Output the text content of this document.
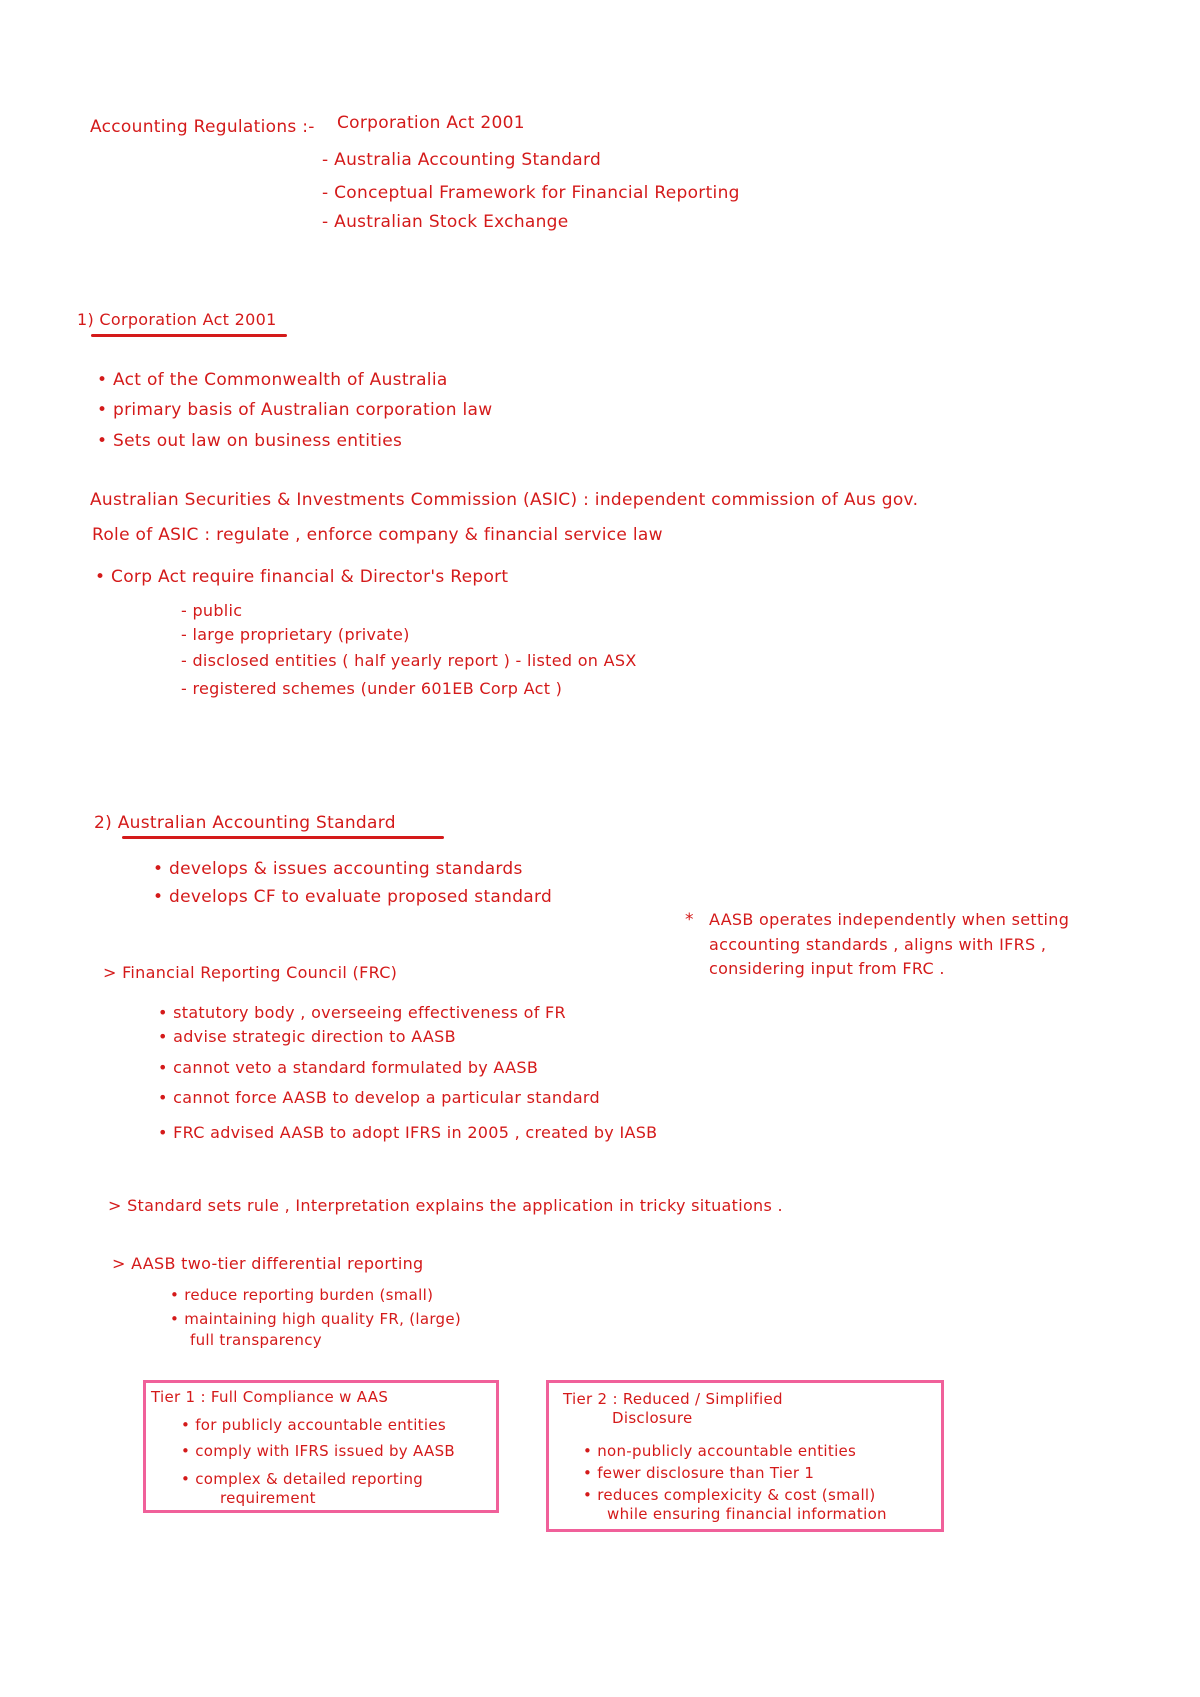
Accounting Regulations :- Corporation Act 2001
- Australia Accounting Standard
- Conceptual Framework for Financial Reporting
- Australian Stock Exchange
1) Corporation Act 2001
• Act of the Commonwealth of Australia
• primary basis of Australian corporation law
• Sets out law on business entities
Australian Securities & Investments Commission (ASIC) : independent commission of Aus gov.
Role of ASIC : regulate , enforce company & financial service law
• Corp Act require financial & Director's Report
- public
- large proprietary (private)
- disclosed entities ( half yearly report ) - listed on ASX
- registered schemes (under 601EB Corp Act )
2) Australian Accounting Standard
• develops & issues accounting standards
• develops CF to evaluate proposed standard
* AASB operates independently when setting
accounting standards , aligns with IFRS ,
considering input from FRC .
> Financial Reporting Council (FRC)
• statutory body , overseeing effectiveness of FR
• advise strategic direction to AASB
• cannot veto a standard formulated by AASB
• cannot force AASB to develop a particular standard
• FRC advised AASB to adopt IFRS in 2005 , created by IASB
> Standard sets rule , Interpretation explains the application in tricky situations .
> AASB two-tier differential reporting
• reduce reporting burden (small)
• maintaining high quality FR, (large)
full transparency
Tier 1 : Full Compliance w AAS
• for publicly accountable entities
• comply with IFRS issued by AASB
• complex & detailed reporting
requirement
Tier 2 : Reduced / Simplified
Disclosure
• non-publicly accountable entities
• fewer disclosure than Tier 1
• reduces complexicity & cost (small)
while ensuring financial information
